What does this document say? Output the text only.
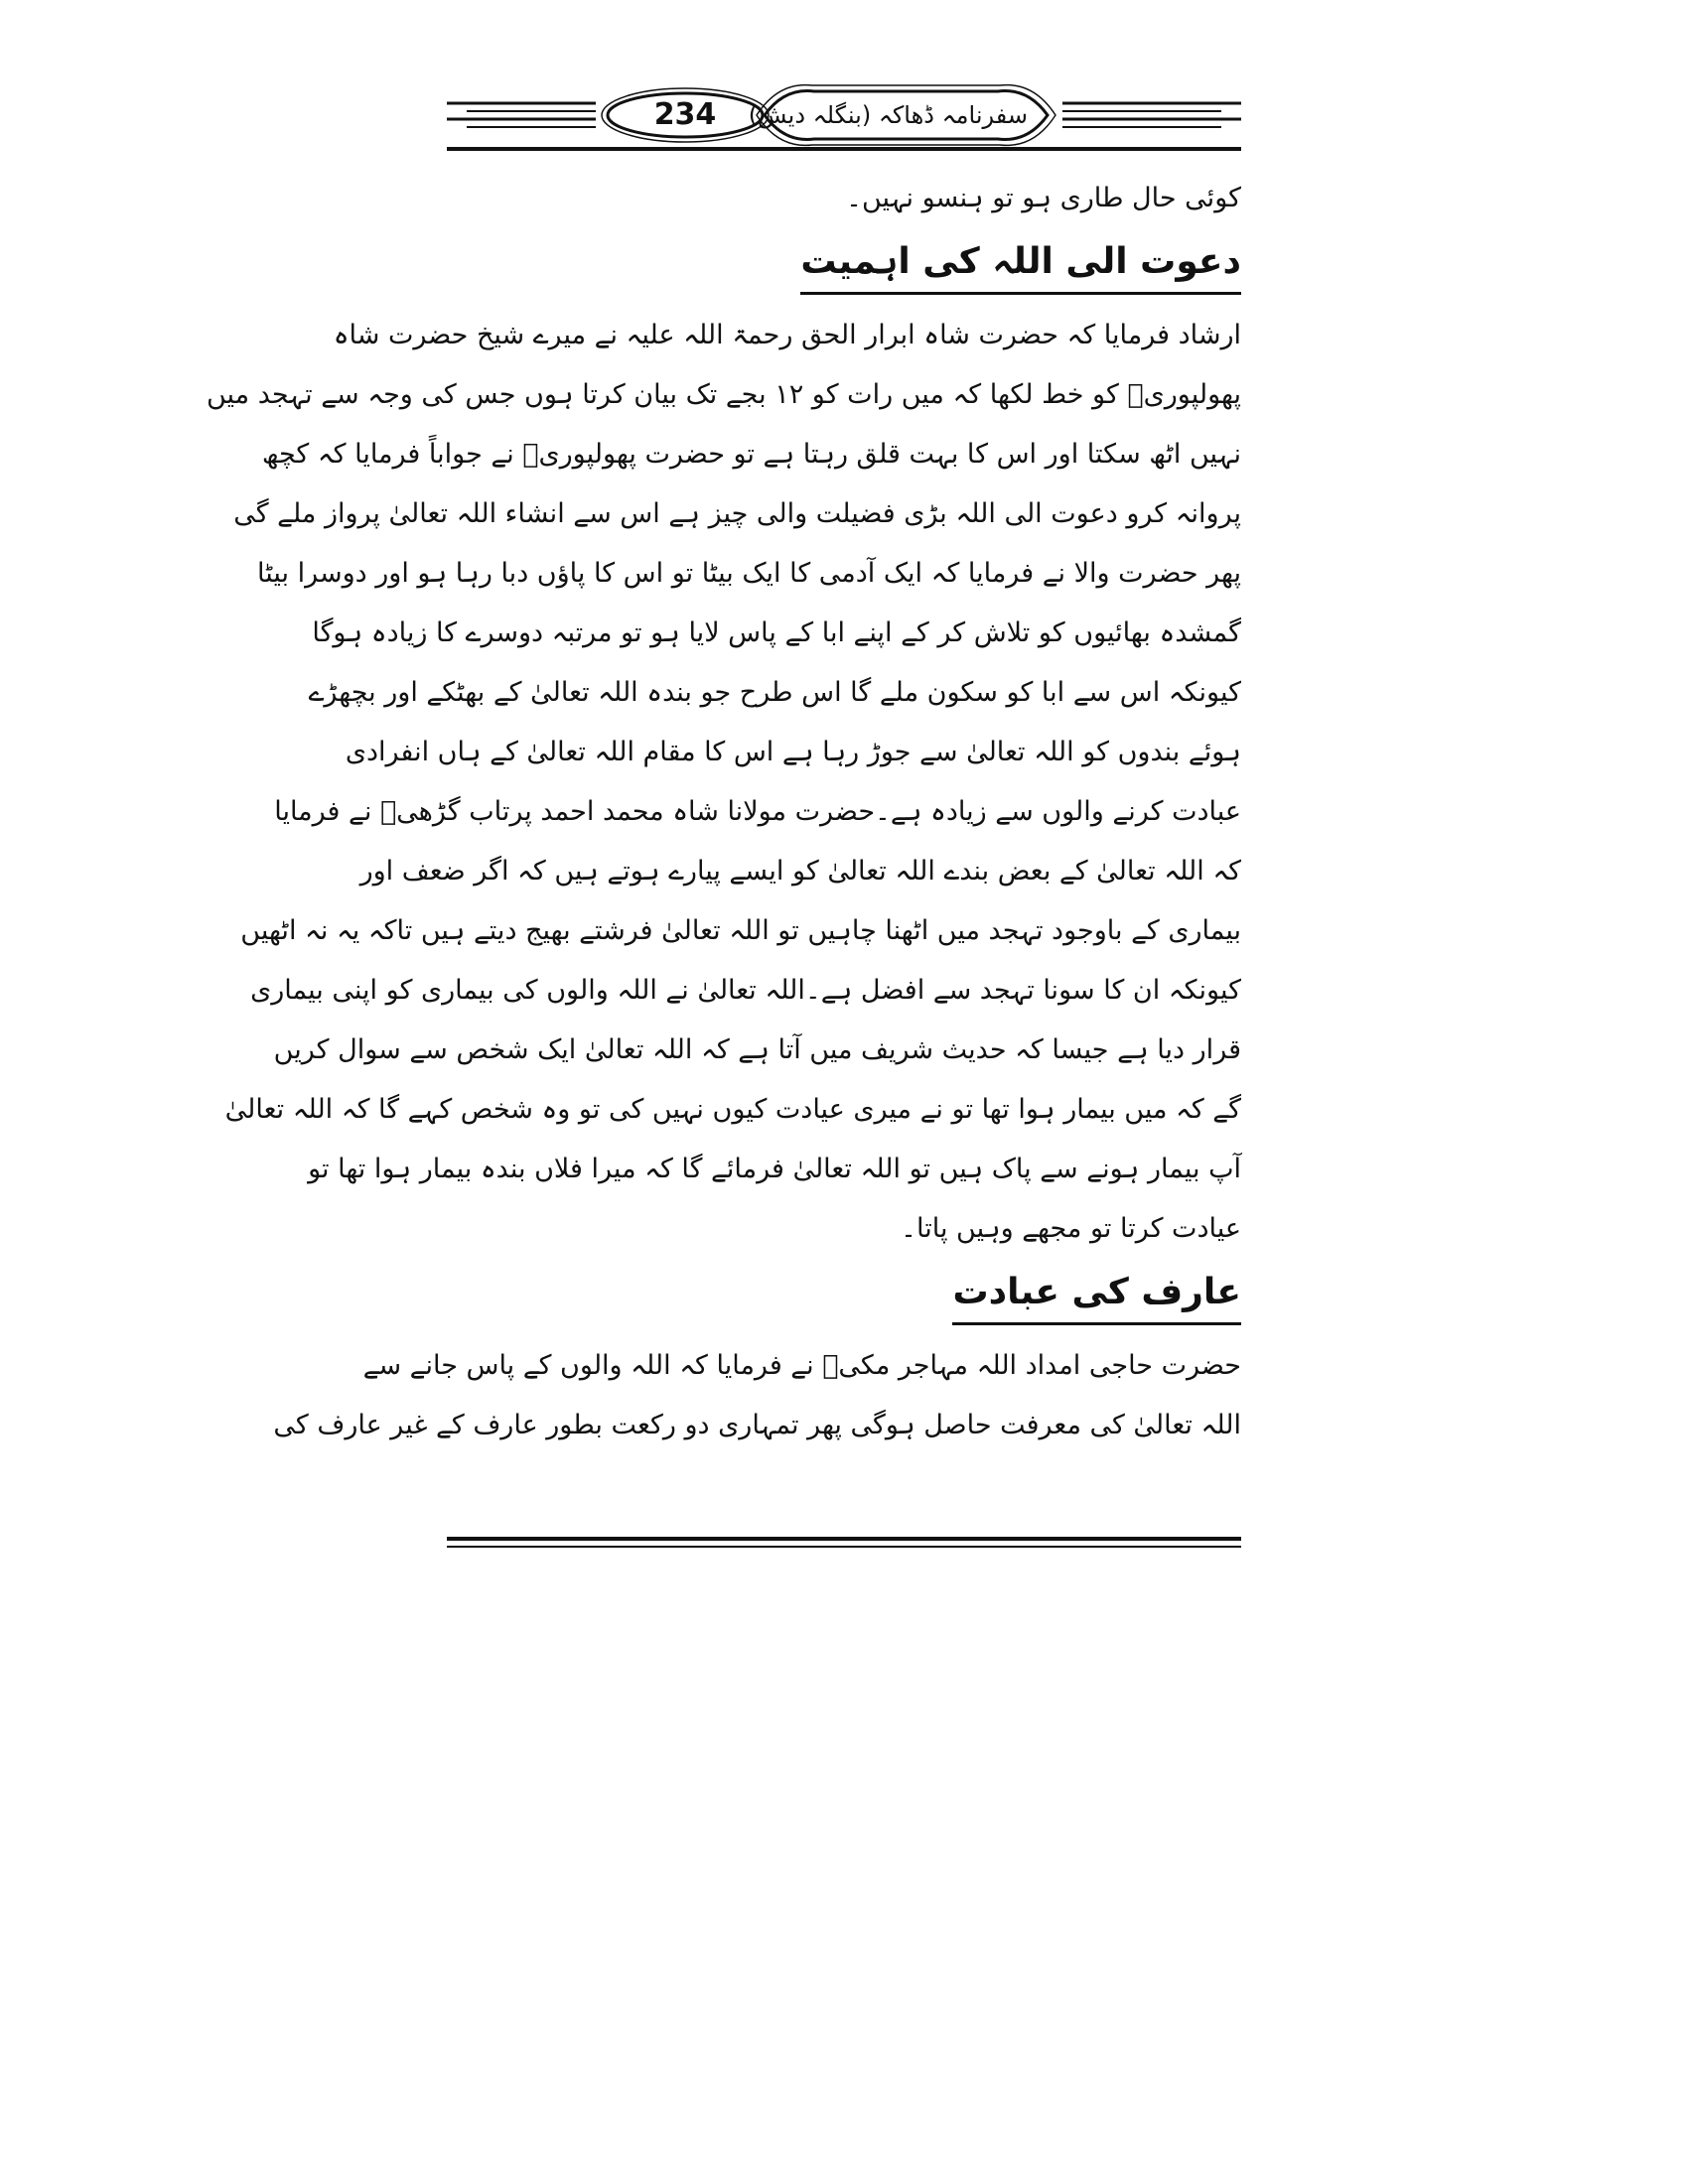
234	سفرنامہ ڈھاکہ (بنگلہ دیش)

کوئی حال طاری ہو تو ہنسو نہیں۔

دعوت الی اللہ کی اہمیت

ارشاد فرمایا کہ حضرت شاہ ابرار الحق رحمۃ اللہ علیہ نے میرے شیخ حضرت شاہ

پھولپوریؒ کو خط لکھا کہ میں رات کو ۱۲ بجے تک بیان کرتا ہوں جس کی وجہ سے تہجد میں

نہیں اٹھ سکتا اور اس کا بہت قلق رہتا ہے تو حضرت پھولپوریؒ نے جواباً فرمایا کہ کچھ

پروانہ کرو دعوت الی اللہ بڑی فضیلت والی چیز ہے اس سے انشاء اللہ تعالیٰ پرواز ملے گی

پھر حضرت والا نے فرمایا کہ ایک آدمی کا ایک بیٹا تو اس کا پاؤں دبا رہا ہو اور دوسرا بیٹا

گمشدہ بھائیوں کو تلاش کر کے اپنے ابا کے پاس لایا ہو تو مرتبہ دوسرے کا زیادہ ہوگا

کیونکہ اس سے ابا کو سکون ملے گا اس طرح جو بندہ اللہ تعالیٰ کے بھٹکے اور بچھڑے

ہوئے بندوں کو اللہ تعالیٰ سے جوڑ رہا ہے اس کا مقام اللہ تعالیٰ کے ہاں انفرادی

عبادت کرنے والوں سے زیادہ ہے۔حضرت مولانا شاہ محمد احمد پرتاب گڑھیؒ نے فرمایا

کہ اللہ تعالیٰ کے بعض بندے اللہ تعالیٰ کو ایسے پیارے ہوتے ہیں کہ اگر ضعف اور

بیماری کے باوجود تہجد میں اٹھنا چاہیں تو اللہ تعالیٰ فرشتے بھیج دیتے ہیں تاکہ یہ نہ اٹھیں

کیونکہ ان کا سونا تہجد سے افضل ہے۔اللہ تعالیٰ نے اللہ والوں کی بیماری کو اپنی بیماری

قرار دیا ہے جیسا کہ حدیث شریف میں آتا ہے کہ اللہ تعالیٰ ایک شخص سے سوال کریں

گے کہ میں بیمار ہوا تھا تو نے میری عیادت کیوں نہیں کی تو وہ شخص کہے گا کہ اللہ تعالیٰ

آپ بیمار ہونے سے پاک ہیں تو اللہ تعالیٰ فرمائے گا کہ میرا فلاں بندہ بیمار ہوا تھا تو

عیادت کرتا تو مجھے وہیں پاتا۔

عارف کی عبادت

حضرت حاجی امداد اللہ مہاجر مکیؒ نے فرمایا کہ اللہ والوں کے پاس جانے سے

اللہ تعالیٰ کی معرفت حاصل ہوگی پھر تمہاری دو رکعت بطور عارف کے غیر عارف کی
